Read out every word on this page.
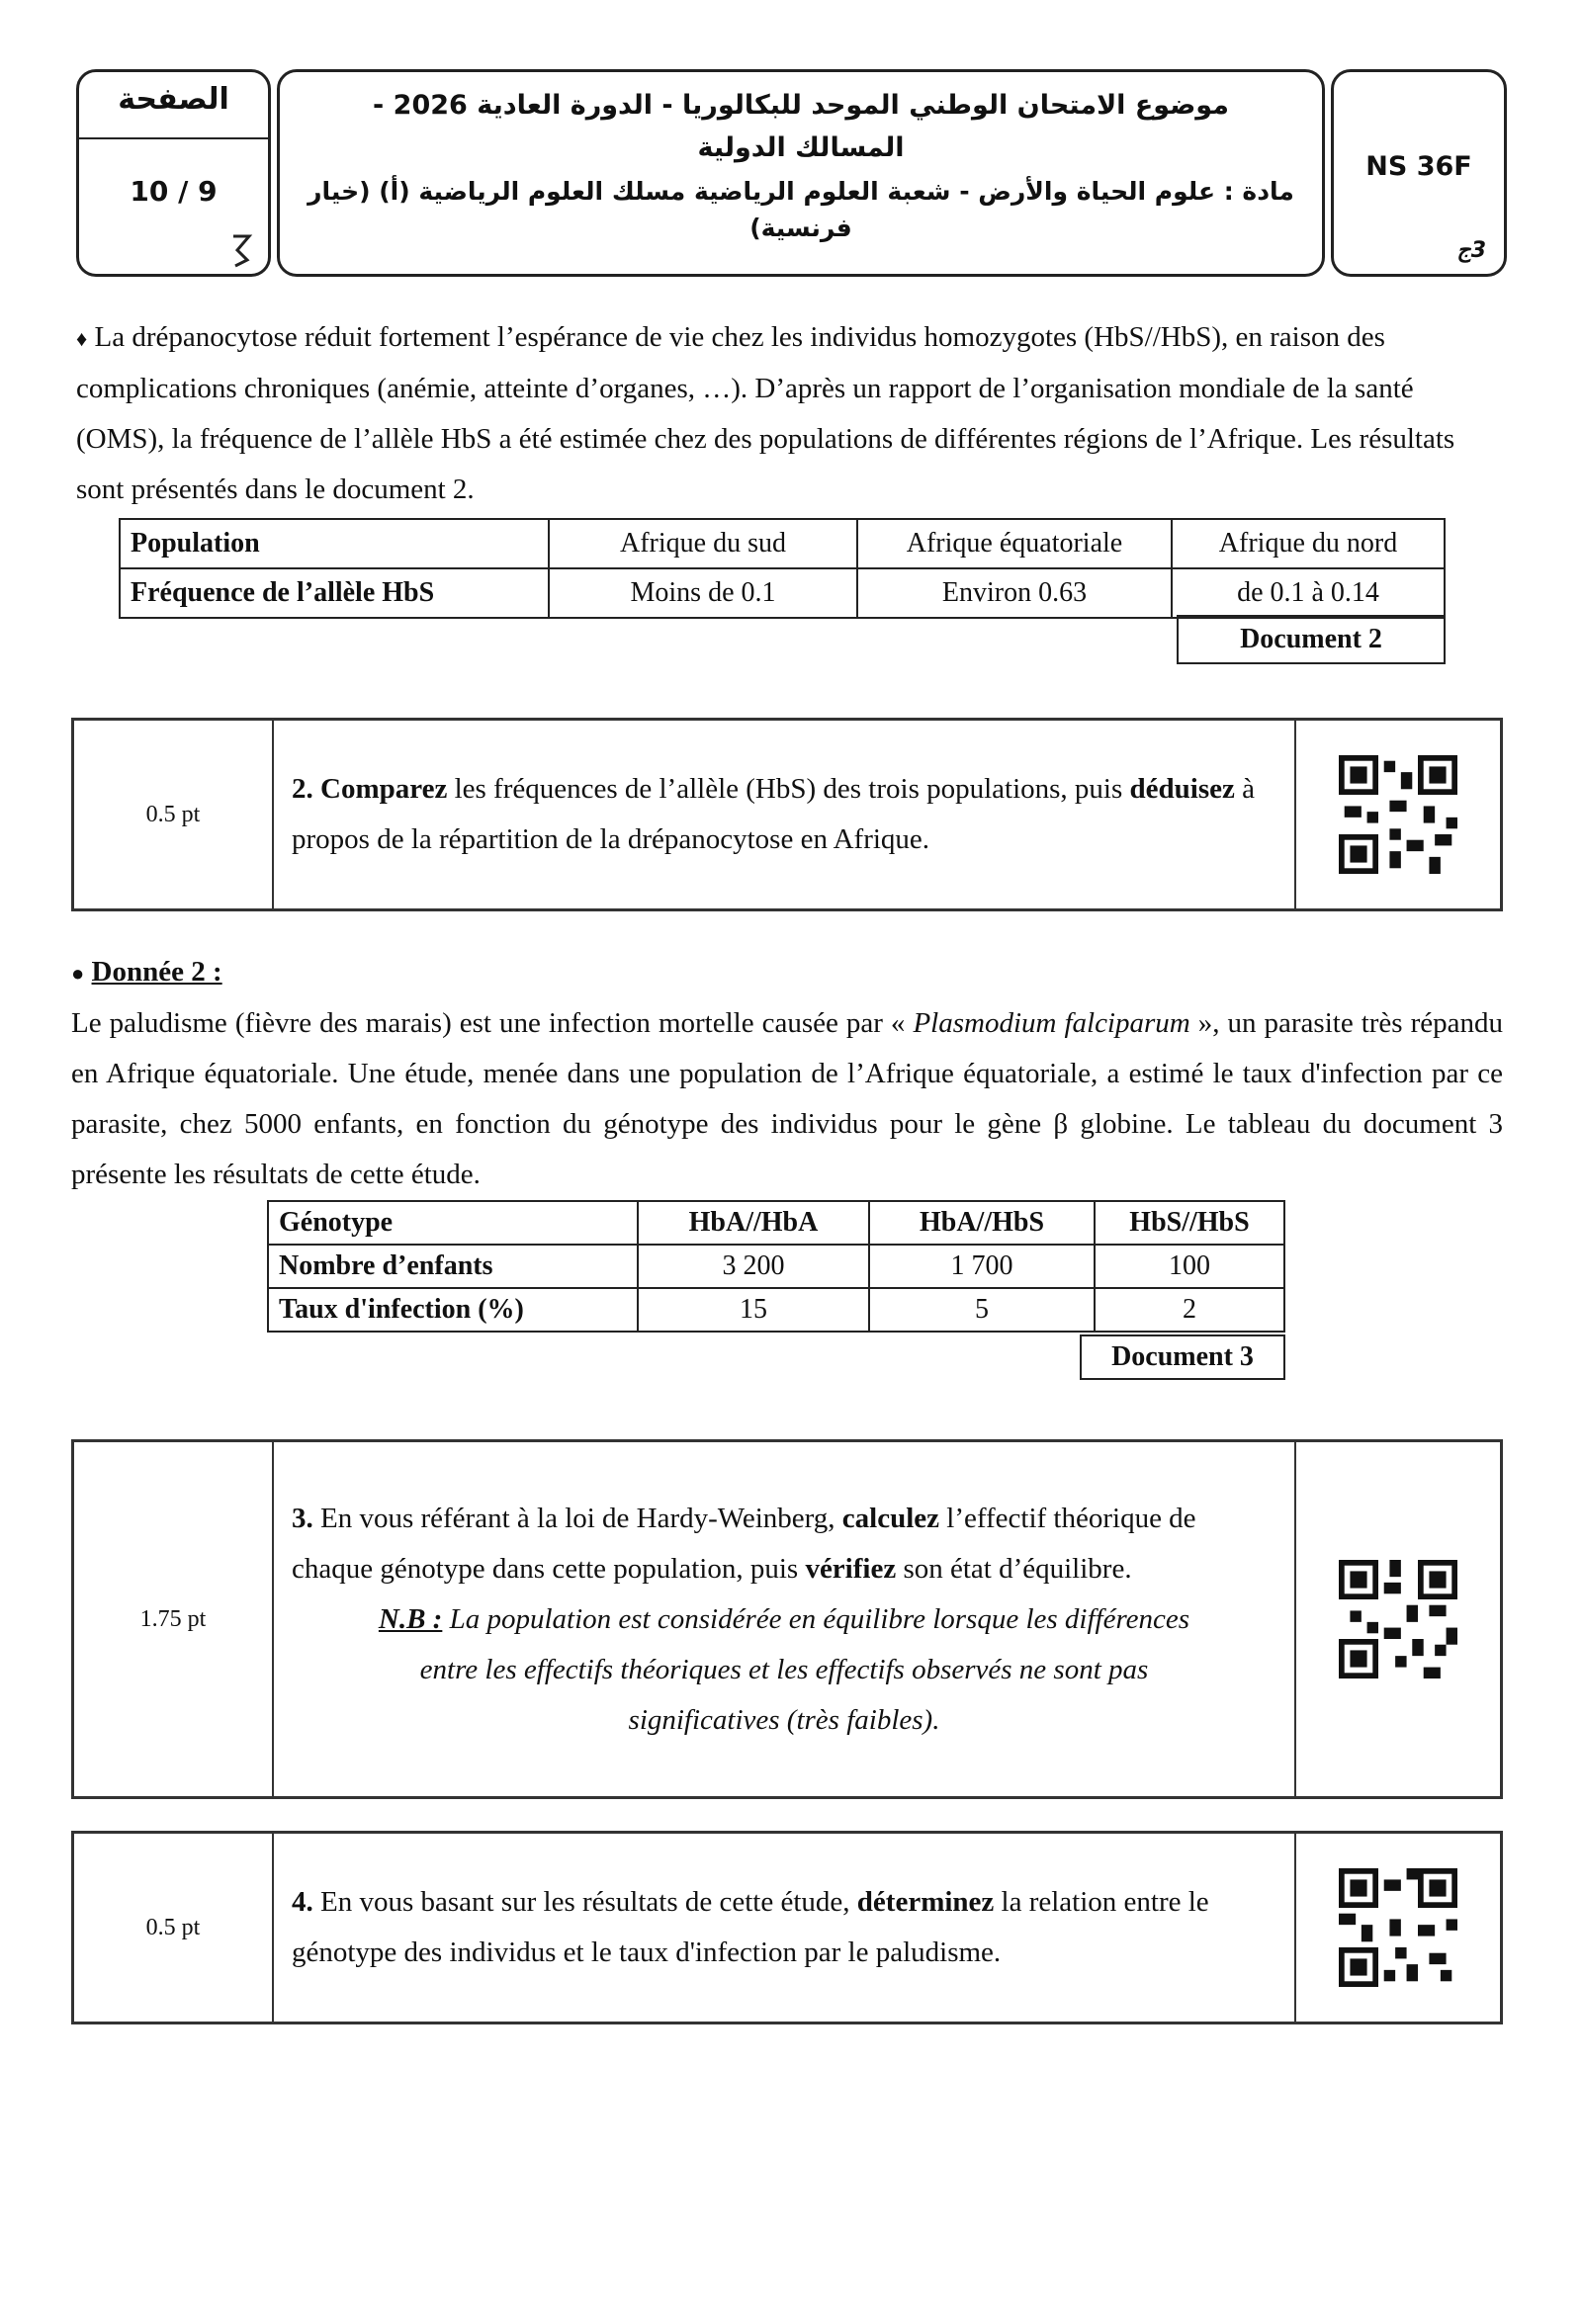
الصفحة
10 / 9
موضوع الامتحان الوطني الموحد للبكالوريا - الدورة العادية 2026 -
المسالك الدولية
مادة : علوم الحياة والأرض - شعبة العلوم الرياضية مسلك العلوم الرياضية (أ) (خيار
فرنسية)
NS 36F
3ج
♦ La drépanocytose réduit fortement l’espérance de vie chez les individus homozygotes (HbS//HbS), en raison des complications chroniques (anémie, atteinte d’organes, …). D’après un rapport de l’organisation mondiale de la santé (OMS), la fréquence de l’allèle HbS a été estimée chez des populations de différentes régions de l’Afrique. Les résultats sont présentés dans le document 2.
Population	Afrique du sud	Afrique équatoriale	Afrique du nord
Fréquence de l’allèle HbS	Moins de 0.1	Environ 0.63	de 0.1 à 0.14
Document 2
0.5 pt
2. Comparez les fréquences de l’allèle (HbS) des trois populations, puis déduisez à propos de la répartition de la drépanocytose en Afrique.
● Donnée 2 :
Le paludisme (fièvre des marais) est une infection mortelle causée par « Plasmodium falciparum », un parasite très répandu en Afrique équatoriale. Une étude, menée dans une population de l’Afrique équatoriale, a estimé le taux d'infection par ce parasite, chez 5000 enfants, en fonction du génotype des individus pour le gène β globine. Le tableau du document 3 présente les résultats de cette étude.
Génotype	HbA//HbA	HbA//HbS	HbS//HbS
Nombre d’enfants	3 200	1 700	100
Taux d'infection (%)	15	5	2
Document 3
1.75 pt
3. En vous référant à la loi de Hardy-Weinberg, calculez l’effectif théorique de chaque génotype dans cette population, puis vérifiez son état d’équilibre.
N.B : La population est considérée en équilibre lorsque les différences
entre les effectifs théoriques et les effectifs observés ne sont pas
significatives (très faibles).
0.5 pt
4. En vous basant sur les résultats de cette étude, déterminez la relation entre le génotype des individus et le taux d'infection par le paludisme.
